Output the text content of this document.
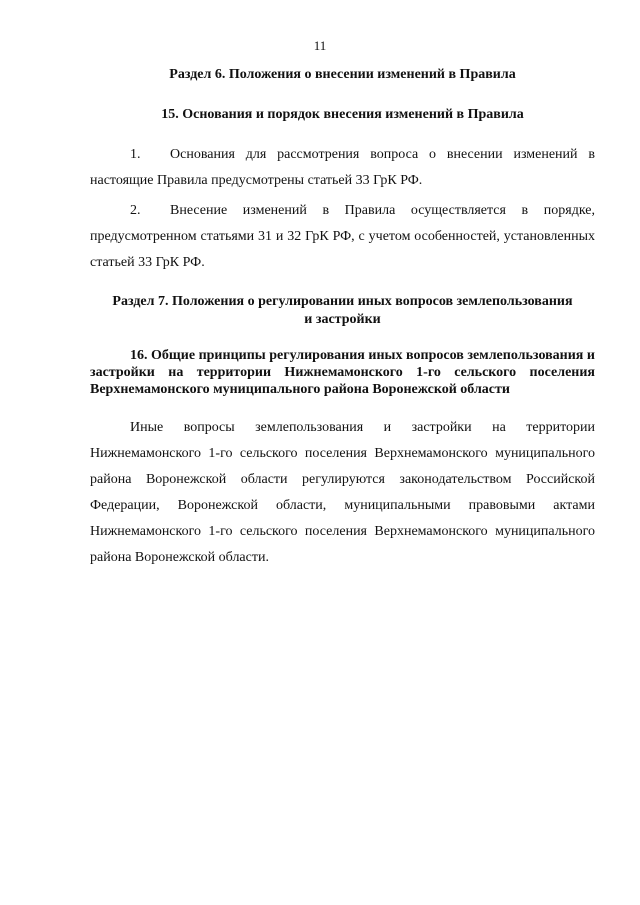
11

Раздел 6. Положения о внесении изменений в Правила

15. Основания и порядок внесения изменений в Правила

1. Основания для рассмотрения вопроса о внесении изменений в настоящие Правила предусмотрены статьей 33 ГрК РФ.

2. Внесение изменений в Правила осуществляется в порядке, предусмотренном статьями 31 и 32 ГрК РФ, с учетом особенностей, установленных статьей 33 ГрК РФ.

Раздел 7. Положения о регулировании иных вопросов землепользования
и застройки

16. Общие принципы регулирования иных вопросов землепользования и застройки на территории Нижнемамонского 1-го сельского поселения Верхнемамонского муниципального района Воронежской области

Иные вопросы землепользования и застройки на территории Нижнемамонского 1-го сельского поселения Верхнемамонского муниципального района Воронежской области регулируются законодательством Российской Федерации, Воронежской области, муниципальными правовыми актами Нижнемамонского 1-го сельского поселения Верхнемамонского муниципального района Воронежской области.
